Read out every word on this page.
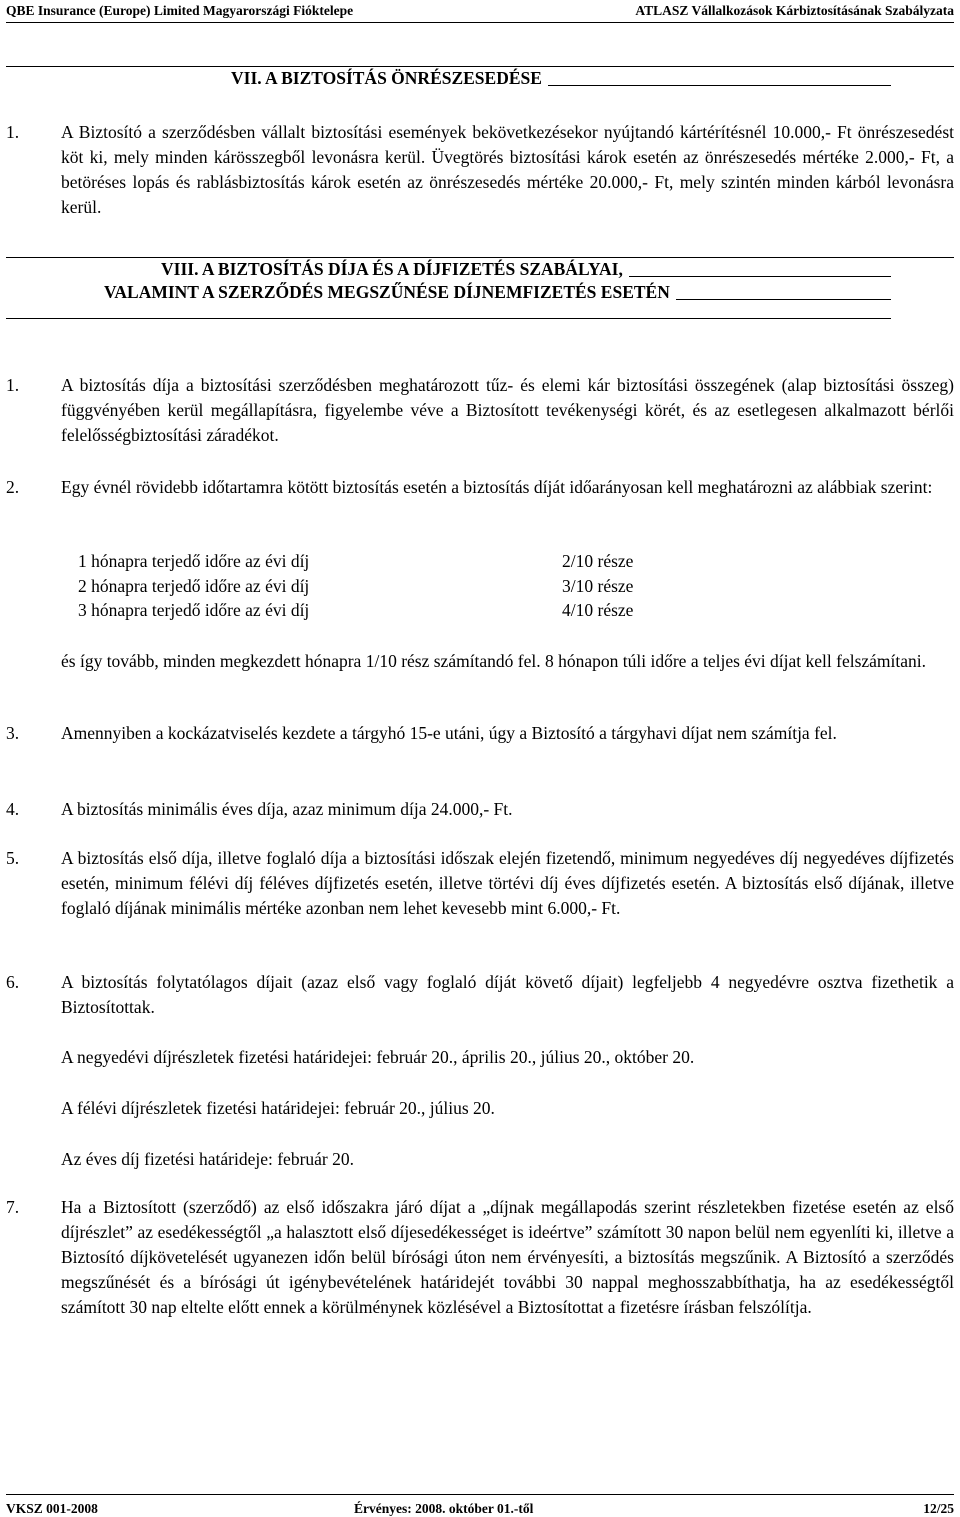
QBE Insurance (Europe) Limited Magyarországi Fióktelepe	ATLASZ Vállalkozások Kárbiztosításának Szabályzata
VII. A BIZTOSÍTÁS ÖNRÉSZESEDÉSE
1. A Biztosító a szerződésben vállalt biztosítási események bekövetkezésekor nyújtandó kártérítésnél 10.000,- Ft önrészesedést köt ki, mely minden kárösszegből levonásra kerül. Üvegtörés biztosítási károk esetén az önrészesedés mértéke 2.000,- Ft, a betöréses lopás és rablásbiztosítás károk esetén az önrészesedés mértéke 20.000,- Ft, mely szintén minden kárból levonásra kerül.
VIII. A BIZTOSÍTÁS DÍJA ÉS A DÍJFIZETÉS SZABÁLYAI,
VALAMINT A SZERZŐDÉS MEGSZŰNÉSE DÍJNEMFIZETÉS ESETÉN
1. A biztosítás díja a biztosítási szerződésben meghatározott tűz- és elemi kár biztosítási összegének (alap biztosítási összeg) függvényében kerül megállapításra, figyelembe véve a Biztosított tevékenységi körét, és az esetlegesen alkalmazott bérlői felelősségbiztosítási záradékot.
2. Egy évnél rövidebb időtartamra kötött biztosítás esetén a biztosítás díját időarányosan kell meghatározni az alábbiak szerint:
1 hónapra terjedő időre az évi díj	2/10 része
2 hónapra terjedő időre az évi díj	3/10 része
3 hónapra terjedő időre az évi díj	4/10 része
és így tovább, minden megkezdett hónapra 1/10 rész számítandó fel. 8 hónapon túli időre a teljes évi díjat kell felszámítani.
3. Amennyiben a kockázatviselés kezdete a tárgyhó 15-e utáni, úgy a Biztosító a tárgyhavi díjat nem számítja fel.
4. A biztosítás minimális éves díja, azaz minimum díja 24.000,- Ft.
5. A biztosítás első díja, illetve foglaló díja a biztosítási időszak elején fizetendő, minimum negyedéves díj negyedéves díjfizetés esetén, minimum félévi díj féléves díjfizetés esetén, illetve törtévi díj éves díjfizetés esetén. A biztosítás első díjának, illetve foglaló díjának minimális mértéke azonban nem lehet kevesebb mint 6.000,- Ft.
6. A biztosítás folytatólagos díjait (azaz első vagy foglaló díját követő díjait) legfeljebb 4 negyedévre osztva fizethetik a Biztosítottak.
A negyedévi díjrészletek fizetési határidejei: február 20., április 20., július 20., október 20.
A félévi díjrészletek fizetési határidejei: február 20., július 20.
Az éves díj fizetési határideje: február 20.
7. Ha a Biztosított (szerződő) az első időszakra járó díjat a „díjnak megállapodás szerint részletekben fizetése esetén az első díjrészlet” az esedékességtől „a halasztott első díjesedékességet is ideértve” számított 30 napon belül nem egyenlíti ki, illetve a Biztosító díjkövetelését ugyanezen időn belül bírósági úton nem érvényesíti, a biztosítás megszűnik. A Biztosító a szerződés megszűnését és a bírósági út igénybevételének határidejét további 30 nappal meghosszabbíthatja, ha az esedékességtől számított 30 nap eltelte előtt ennek a körülménynek közlésével a Biztosítottat a fizetésre írásban felszólítja.
VKSZ 001-2008	Érvényes: 2008. október 01.-től	12/25
